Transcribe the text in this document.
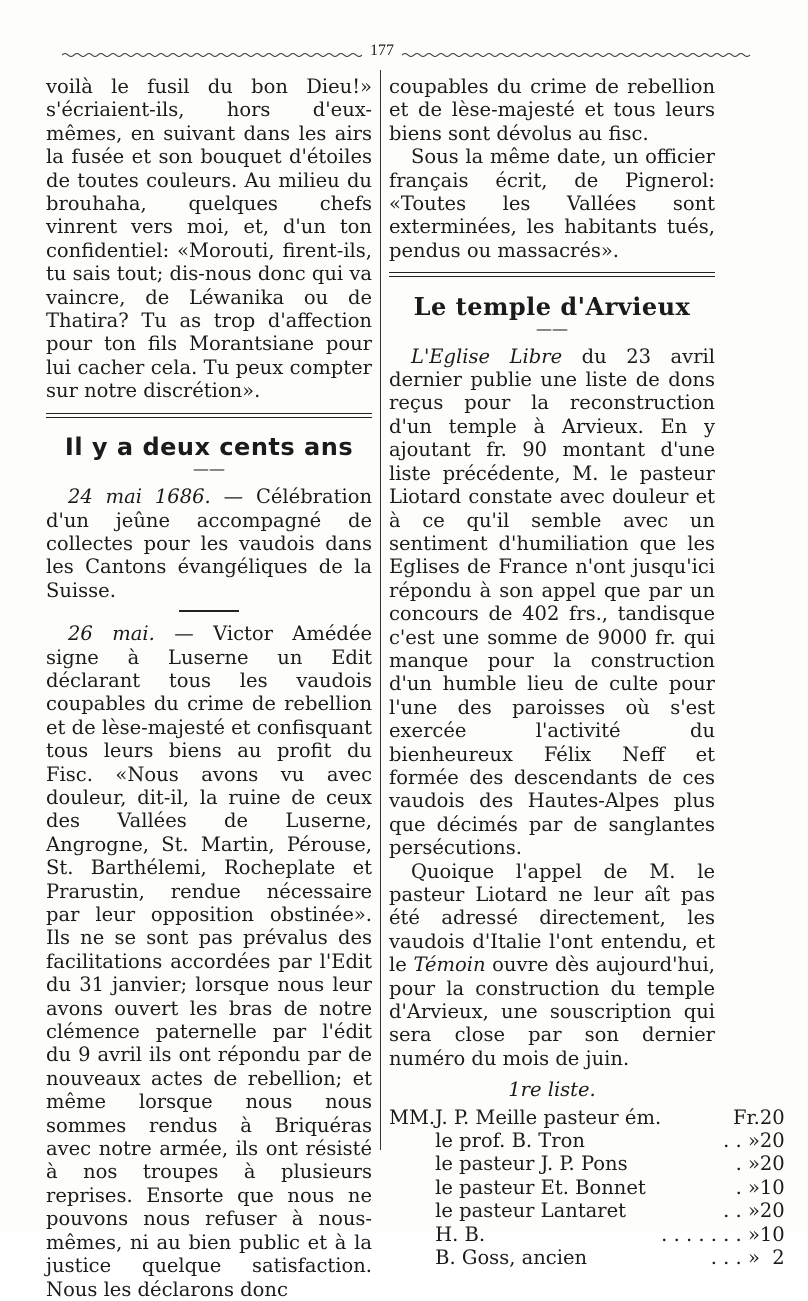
177

voilà le fusil du bon Dieu!» s'écriaient-ils, hors d'eux-mêmes, en suivant dans les airs la fusée et son bouquet d'étoiles de toutes couleurs. Au milieu du brouhaha, quelques chefs vinrent vers moi, et, d'un ton confidentiel: «Morouti, firent-ils, tu sais tout; dis-nous donc qui va vaincre, de Léwanika ou de Thatira? Tu as trop d'affection pour ton fils Morantsiane pour lui cacher cela. Tu peux compter sur notre discrétion».

Il y a deux cents ans
——

24 mai 1686. — Célébration d'un jeûne accompagné de collectes pour les vaudois dans les Cantons évangéliques de la Suisse.

26 mai. — Victor Amédée signe à Luserne un Edit déclarant tous les vaudois coupables du crime de rebellion et de lèse-majesté et confisquant tous leurs biens au profit du Fisc. «Nous avons vu avec douleur, dit-il, la ruine de ceux des Vallées de Luserne, Angrogne, St. Martin, Pérouse, St. Barthélemi, Rocheplate et Prarustin, rendue nécessaire par leur opposition obstinée». Ils ne se sont pas prévalus des facilitations accordées par l'Edit du 31 janvier; lorsque nous leur avons ouvert les bras de notre clémence paternelle par l'édit du 9 avril ils ont répondu par de nouveaux actes de rebellion; et même lorsque nous nous sommes rendus à Briquéras avec notre armée, ils ont résisté à nos troupes à plusieurs reprises. Ensorte que nous ne pouvons nous refuser à nous-mêmes, ni au bien public et à la justice quelque satisfaction. Nous les déclarons donc

coupables du crime de rebellion et de lèse-majesté et tous leurs biens sont dévolus au fisc.

Sous la même date, un officier français écrit, de Pignerol: «Toutes les Vallées sont exterminées, les habitants tués, pendus ou massacrés».

Le temple d'Arvieux
——

L'Eglise Libre du 23 avril dernier publie une liste de dons reçus pour la reconstruction d'un temple à Arvieux. En y ajoutant fr. 90 montant d'une liste précédente, M. le pasteur Liotard constate avec douleur et à ce qu'il semble avec un sentiment d'humiliation que les Eglises de France n'ont jusqu'ici répondu à son appel que par un concours de 402 frs., tandisque c'est une somme de 9000 fr. qui manque pour la construction d'un humble lieu de culte pour l'une des paroisses où s'est exercée l'activité du bienheureux Félix Neff et formée des descendants de ces vaudois des Hautes-Alpes plus que décimés par de sanglantes persécutions.

Quoique l'appel de M. le pasteur Liotard ne leur aît pas été adressé directement, les vaudois d'Italie l'ont entendu, et le Témoin ouvre dès aujourd'hui, pour la construction du temple d'Arvieux, une souscription qui sera close par son dernier numéro du mois de juin.

1re liste.

MM.	J. P. Meille pasteur ém.	Fr.	20
	le prof. B. Tron	. . »	20
	le pasteur J. P. Pons	. »	20
	le pasteur Et. Bonnet	. »	10
	le pasteur Lantaret	. . »	20
	H. B.	. . . . . . . »	10
	B. Goss, ancien	. . . »	2
